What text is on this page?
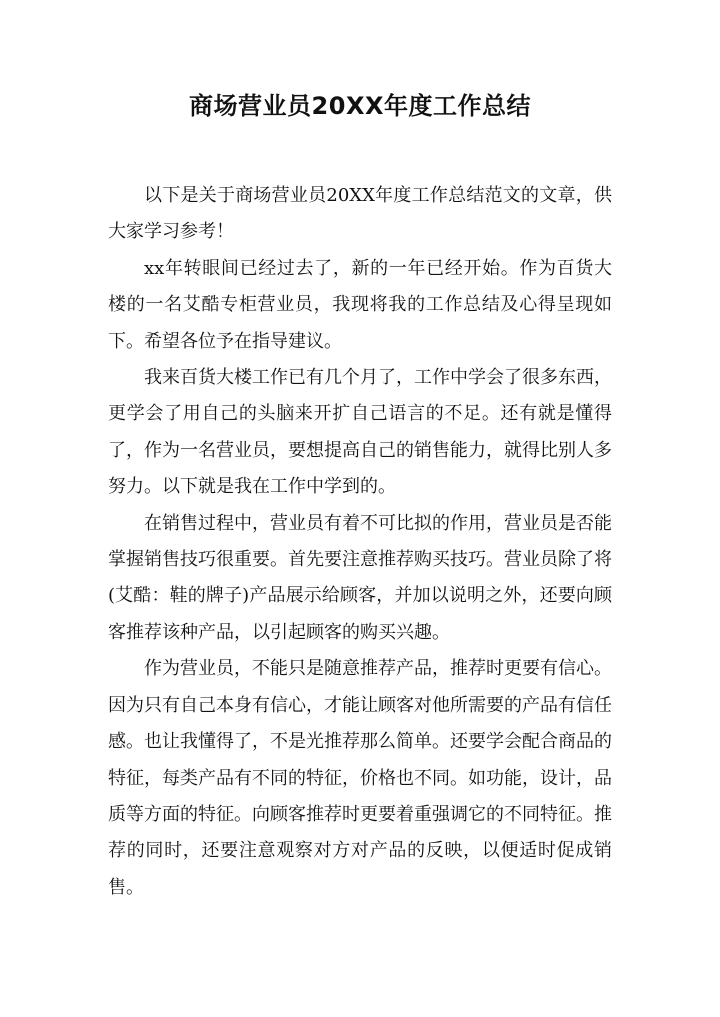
商场营业员20XX年度工作总结

以下是关于商场营业员20XX年度工作总结范文的文章，供大家学习参考！

xx年转眼间已经过去了，新的一年已经开始。作为百货大楼的一名艾酷专柜营业员，我现将我的工作总结及心得呈现如下。希望各位予在指导建议。

我来百货大楼工作已有几个月了，工作中学会了很多东西，更学会了用自己的头脑来开扩自己语言的不足。还有就是懂得了，作为一名营业员，要想提高自己的销售能力，就得比别人多努力。以下就是我在工作中学到的。

在销售过程中，营业员有着不可比拟的作用，营业员是否能掌握销售技巧很重要。首先要注意推荐购买技巧。营业员除了将(艾酷：鞋的牌子)产品展示给顾客，并加以说明之外，还要向顾客推荐该种产品，以引起顾客的购买兴趣。

作为营业员，不能只是随意推荐产品，推荐时更要有信心。因为只有自己本身有信心，才能让顾客对他所需要的产品有信任感。也让我懂得了，不是光推荐那么简单。还要学会配合商品的特征，每类产品有不同的特征，价格也不同。如功能，设计，品质等方面的特征。向顾客推荐时更要着重强调它的不同特征。推荐的同时，还要注意观察对方对产品的反映，以便适时促成销售。
